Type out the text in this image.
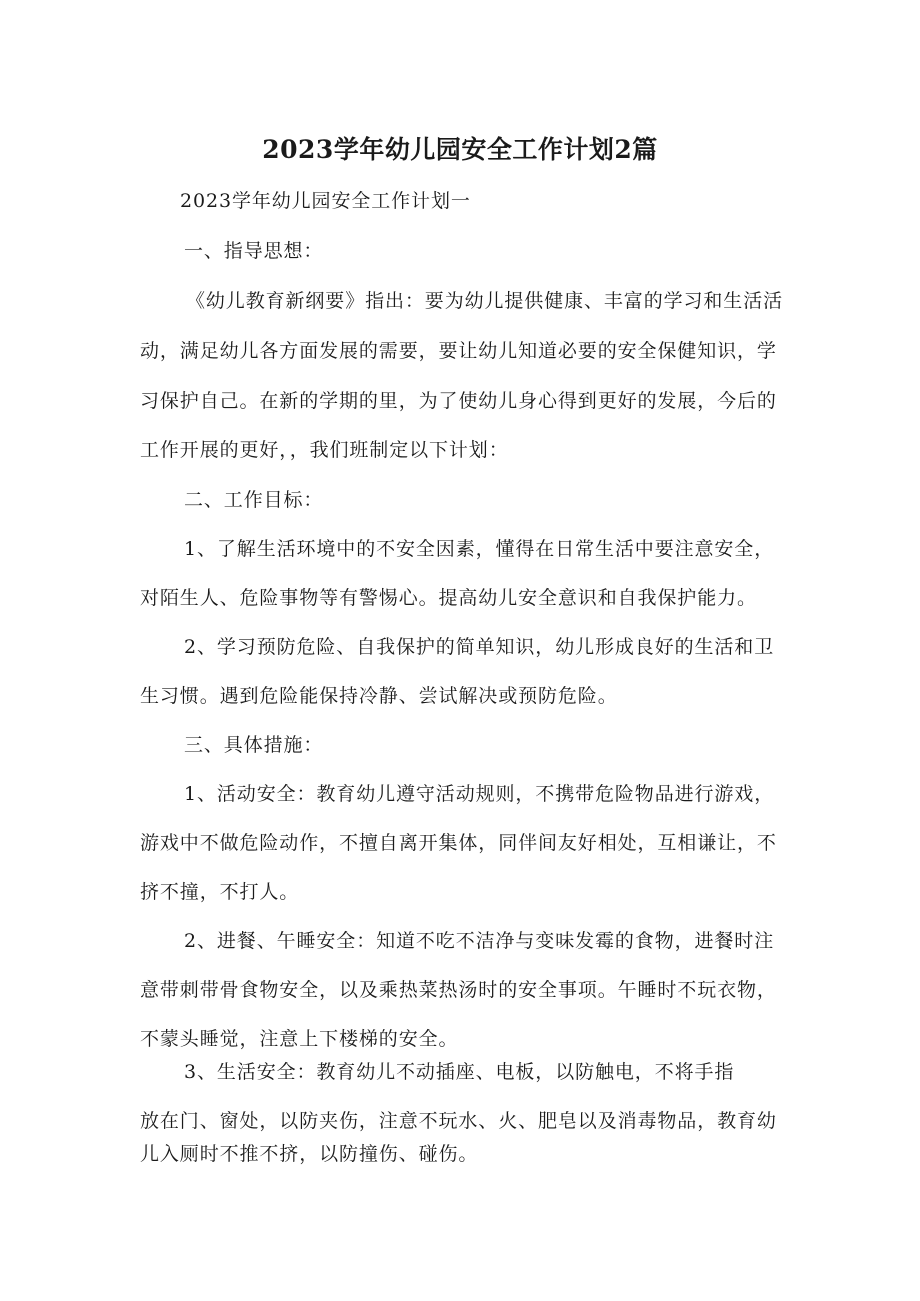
2023学年幼儿园安全工作计划2篇
2023学年幼儿园安全工作计划一
一、指导思想：
《幼儿教育新纲要》指出：要为幼儿提供健康、丰富的学习和生活活
动，满足幼儿各方面发展的需要，要让幼儿知道必要的安全保健知识，学
习保护自己。在新的学期的里，为了使幼儿身心得到更好的发展，今后的
工作开展的更好，，我们班制定以下计划：
二、工作目标：
1、了解生活环境中的不安全因素，懂得在日常生活中要注意安全，
对陌生人、危险事物等有警惕心。提高幼儿安全意识和自我保护能力。
2、学习预防危险、自我保护的简单知识，幼儿形成良好的生活和卫
生习惯。遇到危险能保持冷静、尝试解决或预防危险。
三、具体措施：
1、活动安全：教育幼儿遵守活动规则，不携带危险物品进行游戏，
游戏中不做危险动作，不擅自离开集体，同伴间友好相处，互相谦让，不
挤不撞，不打人。
2、进餐、午睡安全：知道不吃不洁净与变味发霉的食物，进餐时注
意带刺带骨食物安全，以及乘热菜热汤时的安全事项。午睡时不玩衣物，
不蒙头睡觉，注意上下楼梯的安全。
3、生活安全：教育幼儿不动插座、电板，以防触电，不将手指
放在门、窗处，以防夹伤，注意不玩水、火、肥皂以及消毒物品，教育幼
儿入厕时不推不挤，以防撞伤、碰伤。
